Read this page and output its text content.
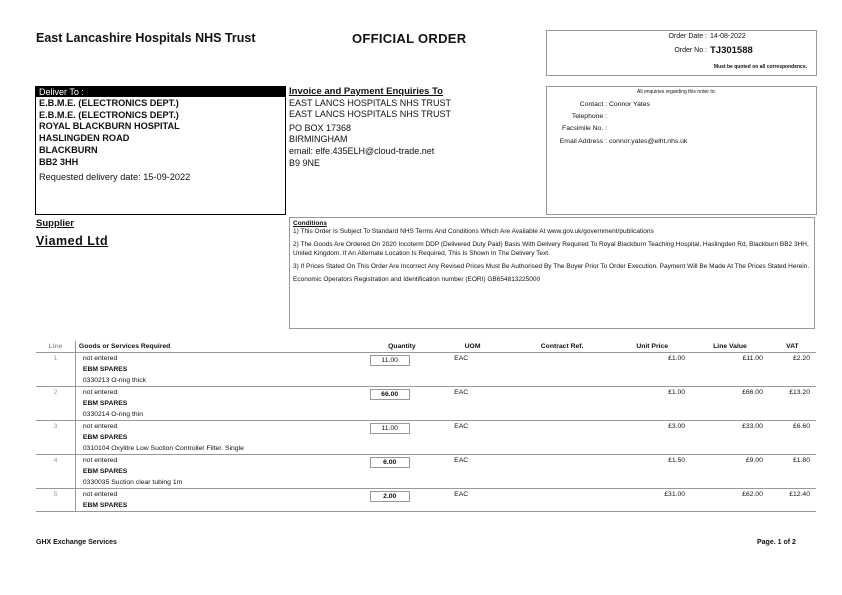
East Lancashire Hospitals NHS Trust	OFFICIAL ORDER	Order Date : 14-08-2022
Order No : TJ301588
Must be quoted on all correspondence.
Deliver To :
E.B.M.E. (ELECTRONICS DEPT.)
E.B.M.E. (ELECTRONICS DEPT.)
ROYAL BLACKBURN HOSPITAL
HASLINGDEN ROAD
BLACKBURN
BB2 3HH
Requested delivery date: 15-09-2022
Invoice and Payment Enquiries To
EAST LANCS HOSPITALS NHS TRUST
EAST LANCS HOSPITALS NHS TRUST
PO BOX 17368
BIRMINGHAM
email: elfe.435ELH@cloud-trade.net
B9 9NE
All enquiries regarding this order to:
Contact : Connor Yates
Telephone :
Facsimile No. :
Email Address : connor.yates@elht.nhs.uk
Supplier
Viamed Ltd
Conditions

1) This Order Is Subject To Standard NHS Terms And Conditions Which Are Available At www.gov.uk/government/publications

2) The Goods Are Ordered On 2020 Incoterm DDP (Delivered Duty Paid) Basis With Delivery Required To Royal Blackburn Teaching Hospital, Haslingden Rd, Blackburn BB2 3HH, United Kingdom. If An Alternate Location Is Required, This Is Shown In The Delivery Text.

3) If Prices Stated On This Order Are Incorrect Any Revised Prices Must Be Authorised By The Buyer Prior To Order Execution. Payment Will Be Made At The Prices Stated Herein.

Economic Operators Registration and Identification number (EORI) GB654813225000

Line	Goods or Services Required	Quantity	UOM	Contract Ref.	Unit Price	Line Value	VAT
1	not entered
EBM SPARES
0330213 O-ring thick	11.00	EAC		£1.00	£11.00	£2.20
2	not entered
EBM SPARES
0330214 O-ring thin	66.00	EAC		£1.00	£66.00	£13.20
3	not entered
EBM SPARES
0310104 Oxylitre Low Suction Controller Filter. Single	11.00	EAC		£3.00	£33.00	£6.60
4	not entered
EBM SPARES
0330035 Suction clear tubing 1m	6.00	EAC		£1.50	£9.00	£1.80
5	not entered
EBM SPARES	2.00	EAC		£31.00	£62.00	£12.40
GHX Exchange Services	Page. 1 of 2
